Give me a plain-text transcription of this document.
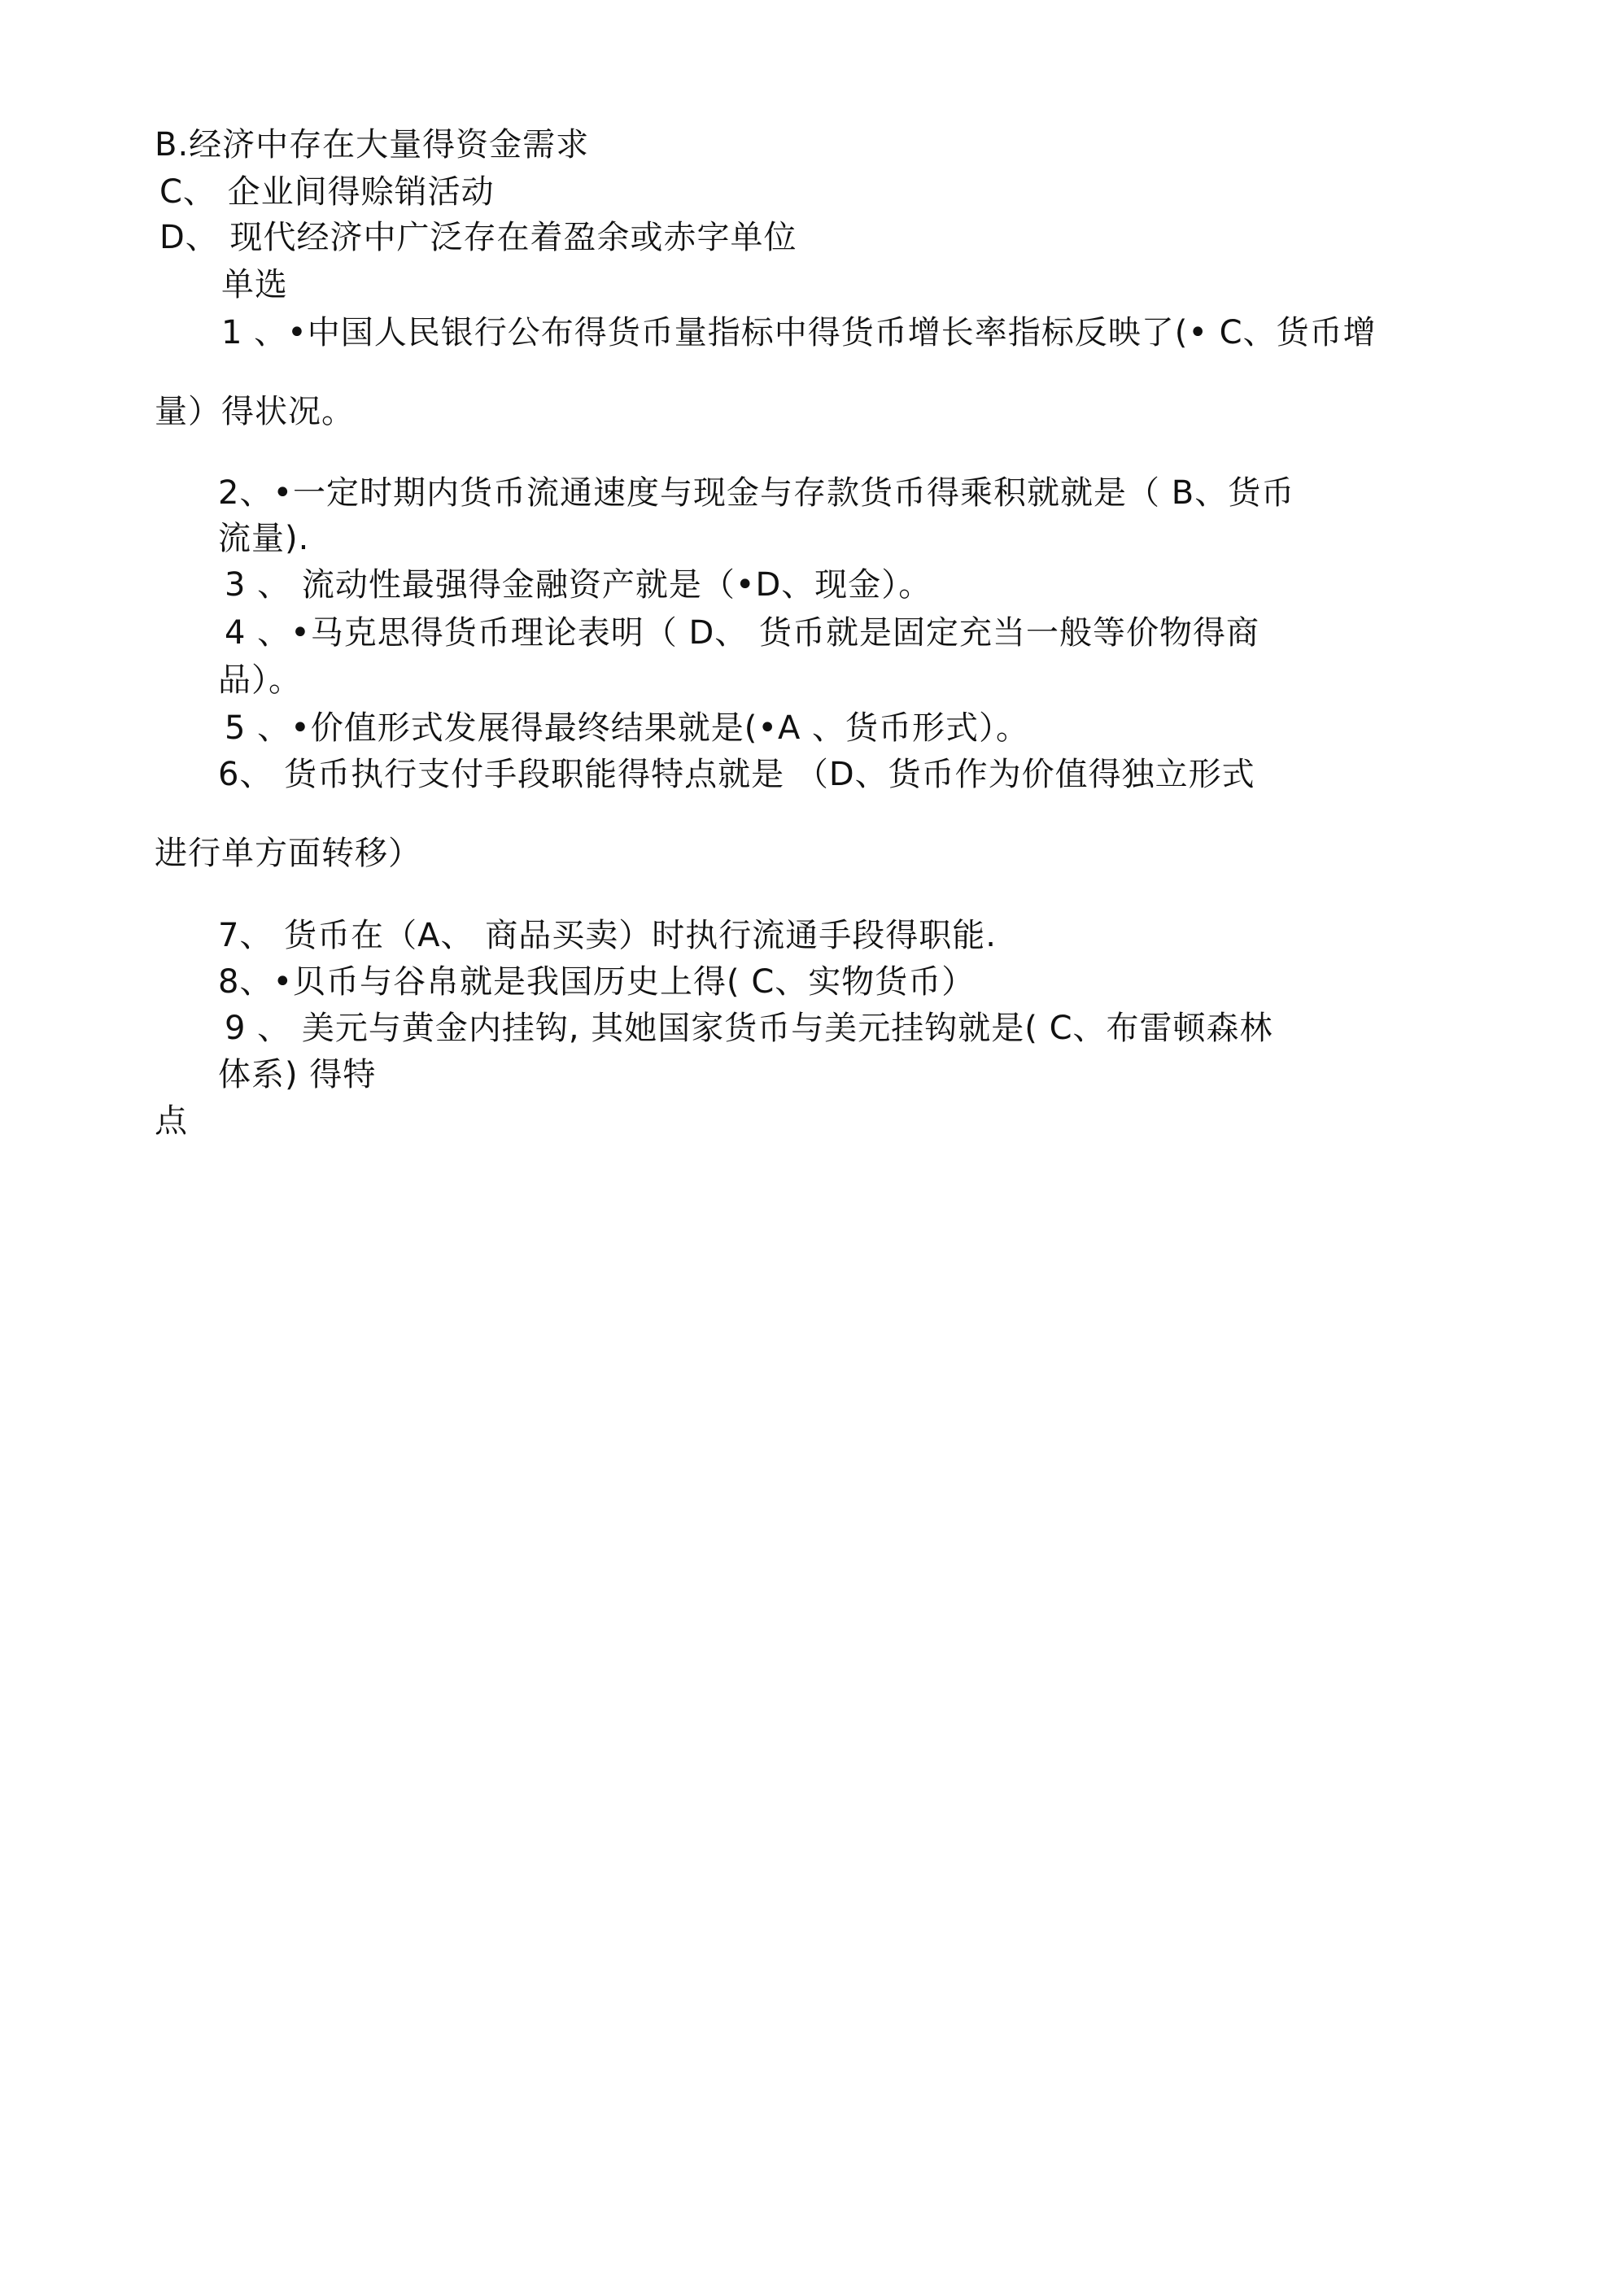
B.经济中存在大量得资金需求
C、 企业间得赊销活动
D、 现代经济中广泛存在着盈余或赤字单位
单选
1 、•中国人民银行公布得货币量指标中得货币增长率指标反映了(• C、货币增
量）得状况。
2、•一定时期内货币流通速度与现金与存款货币得乘积就就是（ B、货币
流量).
3 、 流动性最强得金融资产就是（•D、现金）。
4 、•马克思得货币理论表明（ D、 货币就是固定充当一般等价物得商
品）。
5 、•价值形式发展得最终结果就是(•A 、货币形式）。
6、 货币执行支付手段职能得特点就是 （D、货币作为价值得独立形式
进行单方面转移）
7、 货币在（A、 商品买卖）时执行流通手段得职能.
8、•贝币与谷帛就是我国历史上得( C、实物货币）
9 、 美元与黄金内挂钩, 其她国家货币与美元挂钩就是( C、布雷顿森林
体系) 得特
点
